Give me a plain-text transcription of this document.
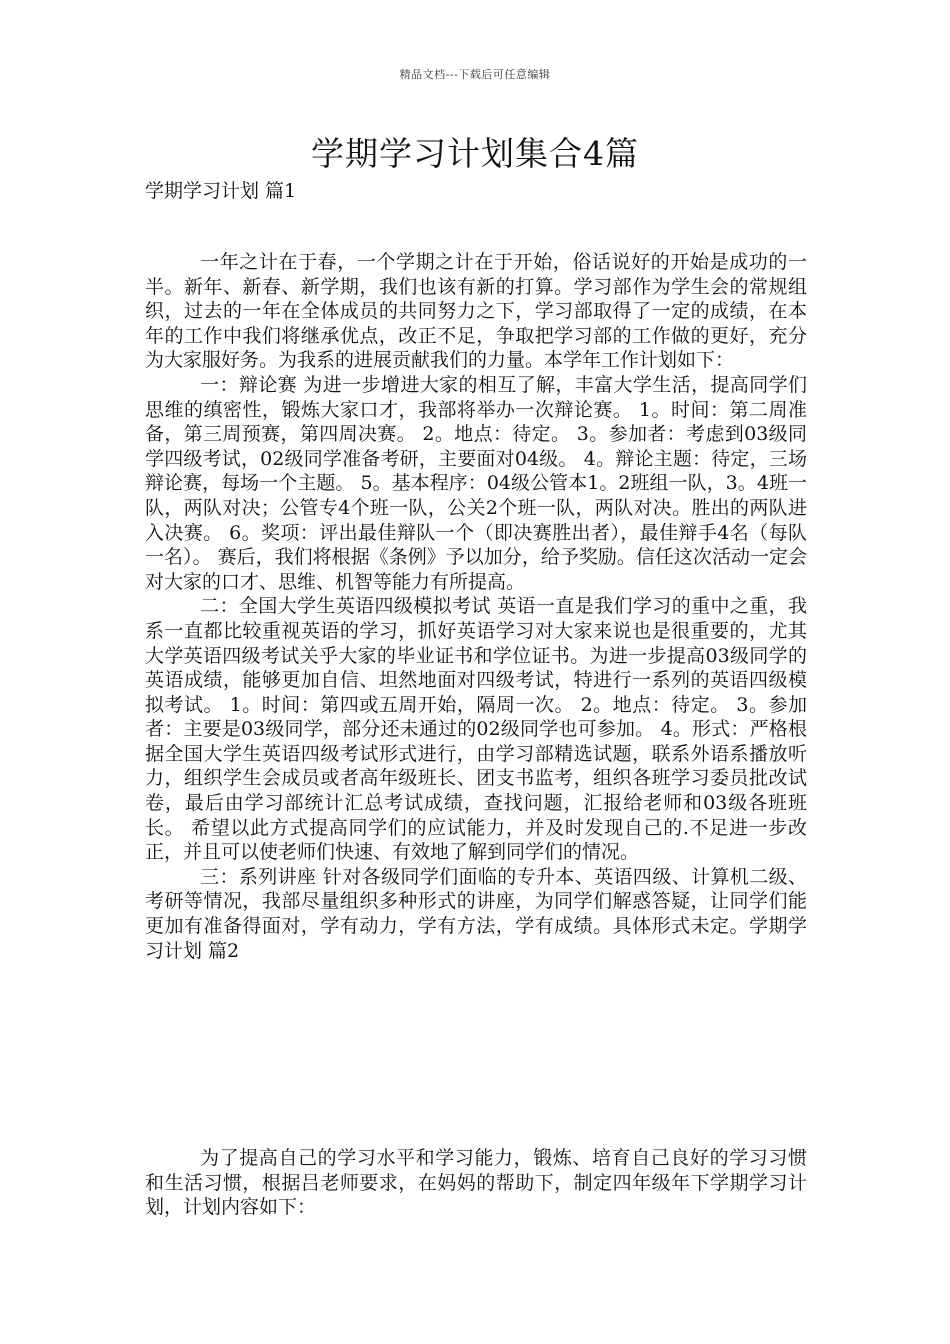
精品文档---下载后可任意编辑
学期学习计划集合4篇
学期学习计划 篇1

一年之计在于春，一个学期之计在于开始，俗话说好的开始是成功的一半。新年、新春、新学期，我们也该有新的打算。学习部作为学生会的常规组织，过去的一年在全体成员的共同努力之下，学习部取得了一定的成绩，在本年的工作中我们将继承优点，改正不足，争取把学习部的工作做的更好，充分为大家服好务。为我系的进展贡献我们的力量。本学年工作计划如下：

一：辩论赛 为进一步增进大家的相互了解，丰富大学生活，提高同学们思维的缜密性，锻炼大家口才，我部将举办一次辩论赛。 1。时间：第二周准备，第三周预赛，第四周决赛。 2。地点：待定。 3。参加者：考虑到03级同学四级考试，02级同学准备考研，主要面对04级。 4。辩论主题：待定，三场辩论赛，每场一个主题。 5。基本程序：04级公管本1。2班组一队，3。4班一队，两队对决；公管专4个班一队，公关2个班一队，两队对决。胜出的两队进入决赛。 6。奖项：评出最佳辩队一个（即决赛胜出者），最佳辩手4名（每队一名）。 赛后，我们将根据《条例》予以加分，给予奖励。信任这次活动一定会对大家的口才、思维、机智等能力有所提高。

二：全国大学生英语四级模拟考试 英语一直是我们学习的重中之重，我系一直都比较重视英语的学习，抓好英语学习对大家来说也是很重要的，尤其大学英语四级考试关乎大家的毕业证书和学位证书。为进一步提高03级同学的英语成绩，能够更加自信、坦然地面对四级考试，特进行一系列的英语四级模拟考试。 1。时间：第四或五周开始，隔周一次。 2。地点：待定。 3。参加者：主要是03级同学，部分还未通过的02级同学也可参加。 4。形式：严格根据全国大学生英语四级考试形式进行，由学习部精选试题，联系外语系播放听力，组织学生会成员或者高年级班长、团支书监考，组织各班学习委员批改试卷，最后由学习部统计汇总考试成绩，查找问题，汇报给老师和03级各班班长。 希望以此方式提高同学们的应试能力，并及时发现自己的.不足进一步改正，并且可以使老师们快速、有效地了解到同学们的情况。

三：系列讲座 针对各级同学们面临的专升本、英语四级、计算机二级、考研等情况，我部尽量组织多种形式的讲座，为同学们解惑答疑，让同学们能更加有准备得面对，学有动力，学有方法，学有成绩。具体形式未定。学期学习计划 篇2

为了提高自己的学习水平和学习能力，锻炼、培育自己良好的学习习惯和生活习惯，根据吕老师要求，在妈妈的帮助下，制定四年级年下学期学习计划，计划内容如下：
